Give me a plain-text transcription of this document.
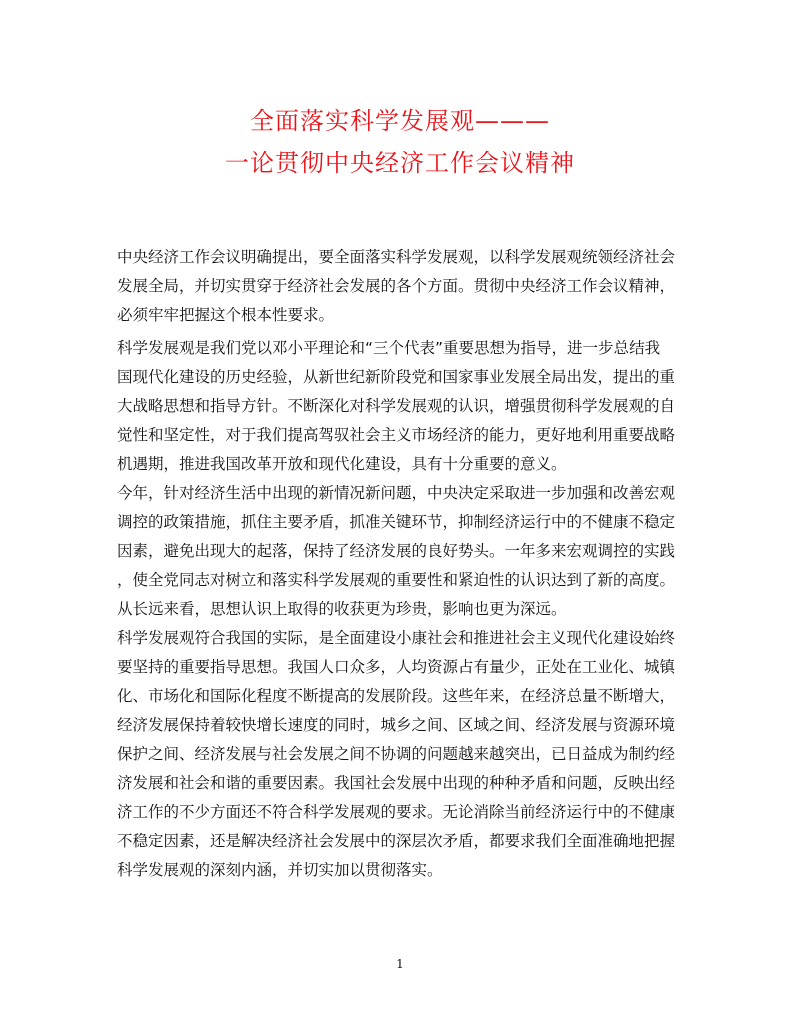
全面落实科学发展观———
一论贯彻中央经济工作会议精神
中央经济工作会议明确提出，要全面落实科学发展观，以科学发展观统领经济社会
发展全局，并切实贯穿于经济社会发展的各个方面。贯彻中央经济工作会议精神，
必须牢牢把握这个根本性要求。
科学发展观是我们党以邓小平理论和“三个代表”重要思想为指导，进一步总结我
国现代化建设的历史经验，从新世纪新阶段党和国家事业发展全局出发，提出的重
大战略思想和指导方针。不断深化对科学发展观的认识，增强贯彻科学发展观的自
觉性和坚定性，对于我们提高驾驭社会主义市场经济的能力，更好地利用重要战略
机遇期，推进我国改革开放和现代化建设，具有十分重要的意义。
今年，针对经济生活中出现的新情况新问题，中央决定采取进一步加强和改善宏观
调控的政策措施，抓住主要矛盾，抓准关键环节，抑制经济运行中的不健康不稳定
因素，避免出现大的起落，保持了经济发展的良好势头。一年多来宏观调控的实践
，使全党同志对树立和落实科学发展观的重要性和紧迫性的认识达到了新的高度。
从长远来看，思想认识上取得的收获更为珍贵，影响也更为深远。
科学发展观符合我国的实际，是全面建设小康社会和推进社会主义现代化建设始终
要坚持的重要指导思想。我国人口众多，人均资源占有量少，正处在工业化、城镇
化、市场化和国际化程度不断提高的发展阶段。这些年来，在经济总量不断增大，
经济发展保持着较快增长速度的同时，城乡之间、区域之间、经济发展与资源环境
保护之间、经济发展与社会发展之间不协调的问题越来越突出，已日益成为制约经
济发展和社会和谐的重要因素。我国社会发展中出现的种种矛盾和问题，反映出经
济工作的不少方面还不符合科学发展观的要求。无论消除当前经济运行中的不健康
不稳定因素，还是解决经济社会发展中的深层次矛盾，都要求我们全面准确地把握
科学发展观的深刻内涵，并切实加以贯彻落实。
1
